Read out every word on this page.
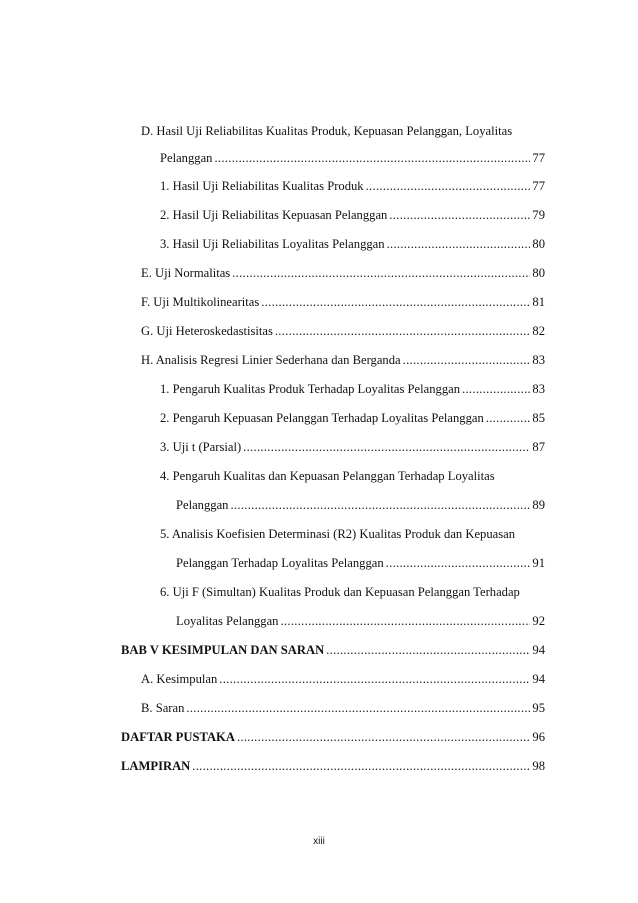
D. Hasil Uji Reliabilitas Kualitas Produk, Kepuasan Pelanggan, Loyalitas
Pelanggan .....	77
1. Hasil Uji Reliabilitas Kualitas Produk .....	77
2. Hasil Uji Reliabilitas Kepuasan Pelanggan .....	79
3. Hasil Uji Reliabilitas Loyalitas Pelanggan .....	80
E. Uji Normalitas .....	80
F. Uji Multikolinearitas .....	81
G. Uji Heteroskedastisitas .....	82
H. Analisis Regresi Linier Sederhana dan Berganda .....	83
1. Pengaruh Kualitas Produk Terhadap Loyalitas Pelanggan .....	83
2. Pengaruh Kepuasan Pelanggan Terhadap Loyalitas Pelanggan .....	85
3. Uji t (Parsial) .....	87
4. Pengaruh Kualitas dan Kepuasan Pelanggan Terhadap Loyalitas
Pelanggan .....	89
5. Analisis Koefisien Determinasi (R2) Kualitas Produk dan Kepuasan
Pelanggan Terhadap Loyalitas Pelanggan .....	91
6. Uji F (Simultan) Kualitas Produk dan Kepuasan Pelanggan Terhadap
Loyalitas Pelanggan .....	92
BAB V KESIMPULAN DAN SARAN .....	94
A. Kesimpulan .....	94
B. Saran .....	95
DAFTAR PUSTAKA .....	96
LAMPIRAN .....	98
xiii
